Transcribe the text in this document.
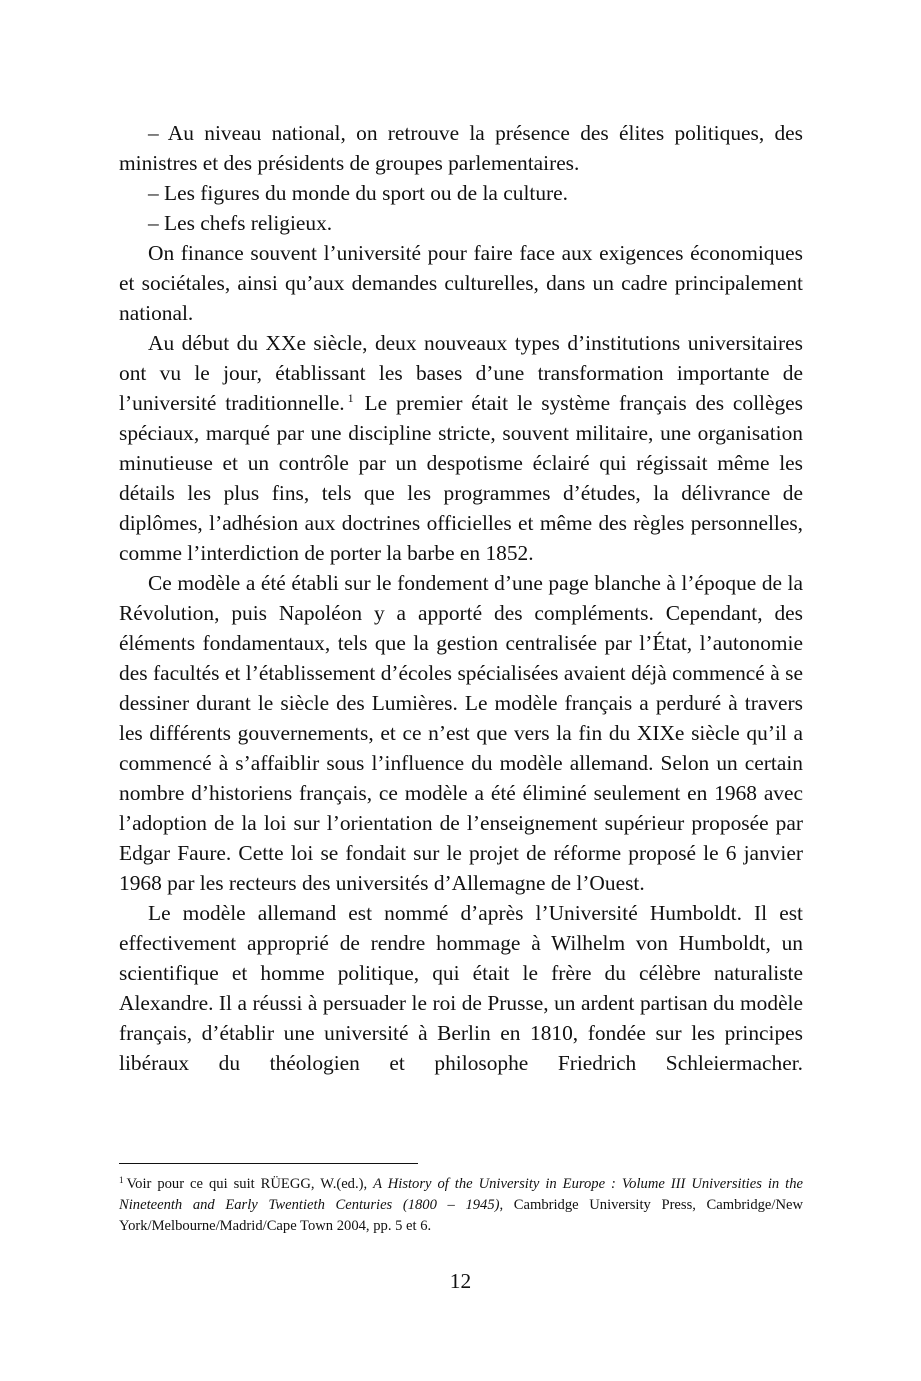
– Au niveau national, on retrouve la présence des élites politiques, des ministres et des présidents de groupes parlementaires.

– Les figures du monde du sport ou de la culture.

– Les chefs religieux.

On finance souvent l’université pour faire face aux exigences économiques et sociétales, ainsi qu’aux demandes culturelles, dans un cadre principalement national.

Au début du XXe siècle, deux nouveaux types d’institutions universitaires ont vu le jour, établissant les bases d’une transformation importante de l’université traditionnelle. $^1$ Le premier était le système français des collèges spéciaux, marqué par une discipline stricte, souvent militaire, une organisation minutieuse et un contrôle par un despotisme éclairé qui régissait même les détails les plus fins, tels que les programmes d’études, la délivrance de diplômes, l’adhésion aux doctrines officielles et même des règles personnelles, comme l’interdiction de porter la barbe en 1852.

Ce modèle a été établi sur le fondement d’une page blanche à l’époque de la Révolution, puis Napoléon y a apporté des compléments. Cependant, des éléments fondamentaux, tels que la gestion centralisée par l’État, l’autonomie des facultés et l’établissement d’écoles spécialisées avaient déjà commencé à se dessiner durant le siècle des Lumières. Le modèle français a perduré à travers les différents gouvernements, et ce n’est que vers la fin du XIXe siècle qu’il a commencé à s’affaiblir sous l’influence du modèle allemand. Selon un certain nombre d’historiens français, ce modèle a été éliminé seulement en 1968 avec l’adoption de la loi sur l’orientation de l’enseignement supérieur proposée par Edgar Faure. Cette loi se fondait sur le projet de réforme proposé le 6 janvier 1968 par les recteurs des universités d’Allemagne de l’Ouest.

Le modèle allemand est nommé d’après l’Université Humboldt. Il est effectivement approprié de rendre hommage à Wilhelm von Humboldt, un scientifique et homme politique, qui était le frère du célèbre naturaliste Alexandre. Il a réussi à persuader le roi de Prusse, un ardent partisan du modèle français, d’établir une université à Berlin en 1810, fondée sur les principes libéraux du théologien et philosophe Friedrich Schleiermacher.

$^1$ Voir pour ce qui suit RÜEGG, W.(ed.), A History of the University in Europe : Volume III Universities in the Nineteenth and Early Twentieth Centuries (1800 – 1945), Cambridge University Press, Cambridge/New York/Melbourne/Madrid/Cape Town 2004, pp. 5 et 6.

12
